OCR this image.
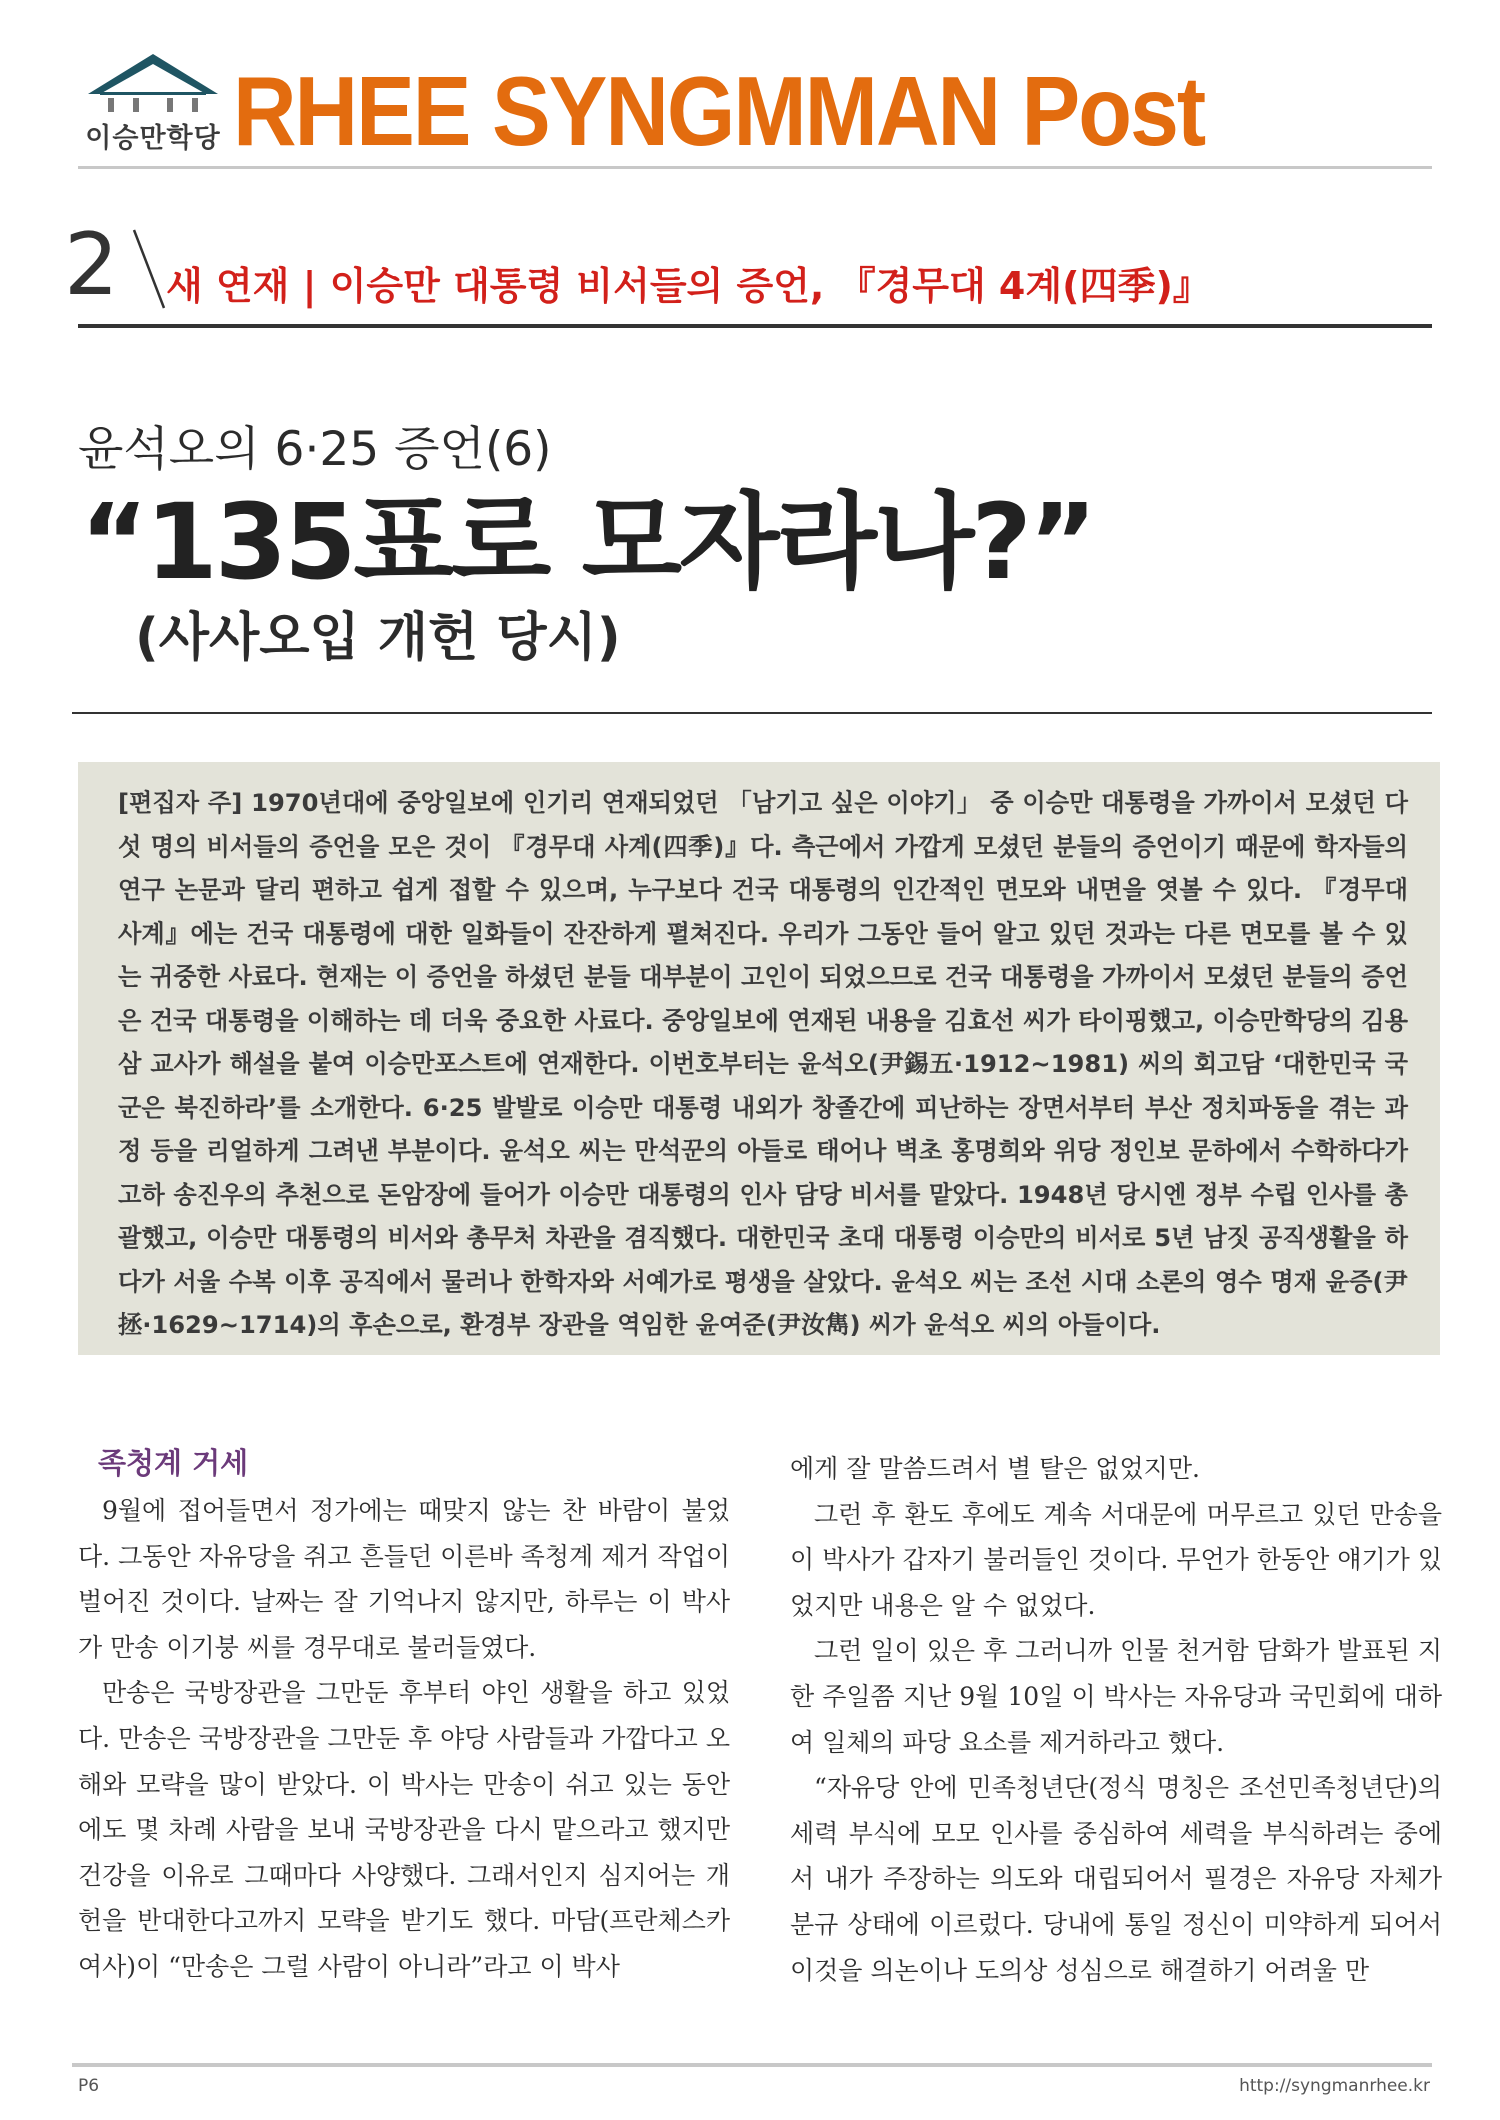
이승만학당 RHEE SYNGMMAN Post
2 새 연재 | 이승만 대통령 비서들의 증언, 『경무대 4계(四季)』
윤석오의 6·25 증언(6)
“135표로 모자라나?”
(사사오입 개헌 당시)
[편집자 주] 1970년대에 중앙일보에 인기리 연재되었던 「남기고 싶은 이야기」 중 이승만 대통령을 가까이서 모셨던 다섯 명의 비서들의 증언을 모은 것이 『경무대 사계(四季)』다. 측근에서 가깝게 모셨던 분들의 증언이기 때문에 학자들의 연구 논문과 달리 편하고 쉽게 접할 수 있으며, 누구보다 건국 대통령의 인간적인 면모와 내면을 엿볼 수 있다. 『경무대 사계』에는 건국 대통령에 대한 일화들이 잔잔하게 펼쳐진다. 우리가 그동안 들어 알고 있던 것과는 다른 면모를 볼 수 있는 귀중한 사료다. 현재는 이 증언을 하셨던 분들 대부분이 고인이 되었으므로 건국 대통령을 가까이서 모셨던 분들의 증언은 건국 대통령을 이해하는 데 더욱 중요한 사료다. 중앙일보에 연재된 내용을 김효선 씨가 타이핑했고, 이승만학당의 김용삼 교사가 해설을 붙여 이승만포스트에 연재한다. 이번호부터는 윤석오(尹錫五·1912~1981) 씨의 회고담 ‘대한민국 국군은 북진하라’를 소개한다. 6·25 발발로 이승만 대통령 내외가 창졸간에 피난하는 장면서부터 부산 정치파동을 겪는 과정 등을 리얼하게 그려낸 부분이다. 윤석오 씨는 만석꾼의 아들로 태어나 벽초 홍명희와 위당 정인보 문하에서 수학하다가 고하 송진우의 추천으로 돈암장에 들어가 이승만 대통령의 인사 담당 비서를 맡았다. 1948년 당시엔 정부 수립 인사를 총괄했고, 이승만 대통령의 비서와 총무처 차관을 겸직했다. 대한민국 초대 대통령 이승만의 비서로 5년 남짓 공직생활을 하다가 서울 수복 이후 공직에서 물러나 한학자와 서예가로 평생을 살았다. 윤석오 씨는 조선 시대 소론의 영수 명재 윤증(尹拯·1629~1714)의 후손으로, 환경부 장관을 역임한 윤여준(尹汝雋) 씨가 윤석오 씨의 아들이다.
족청계 거세

9월에 접어들면서 정가에는 때맞지 않는 찬 바람이 불었다. 그동안 자유당을 쥐고 흔들던 이른바 족청계 제거 작업이 벌어진 것이다. 날짜는 잘 기억나지 않지만, 하루는 이 박사가 만송 이기붕 씨를 경무대로 불러들였다.

만송은 국방장관을 그만둔 후부터 야인 생활을 하고 있었다. 만송은 국방장관을 그만둔 후 야당 사람들과 가깝다고 오해와 모략을 많이 받았다. 이 박사는 만송이 쉬고 있는 동안에도 몇 차례 사람을 보내 국방장관을 다시 맡으라고 했지만 건강을 이유로 그때마다 사양했다. 그래서인지 심지어는 개헌을 반대한다고까지 모략을 받기도 했다. 마담(프란체스카 여사)이 “만송은 그럴 사람이 아니라”라고 이 박사

에게 잘 말씀드려서 별 탈은 없었지만.

그런 후 환도 후에도 계속 서대문에 머무르고 있던 만송을 이 박사가 갑자기 불러들인 것이다. 무언가 한동안 얘기가 있었지만 내용은 알 수 없었다.

그런 일이 있은 후 그러니까 인물 천거함 담화가 발표된 지 한 주일쯤 지난 9월 10일 이 박사는 자유당과 국민회에 대하여 일체의 파당 요소를 제거하라고 했다.

“자유당 안에 민족청년단(정식 명칭은 조선민족청년단)의 세력 부식에 모모 인사를 중심하여 세력을 부식하려는 중에서 내가 주장하는 의도와 대립되어서 필경은 자유당 자체가 분규 상태에 이르렀다. 당내에 통일 정신이 미약하게 되어서 이것을 의논이나 도의상 성심으로 해결하기 어려울 만

P6	http://syngmanrhee.kr
